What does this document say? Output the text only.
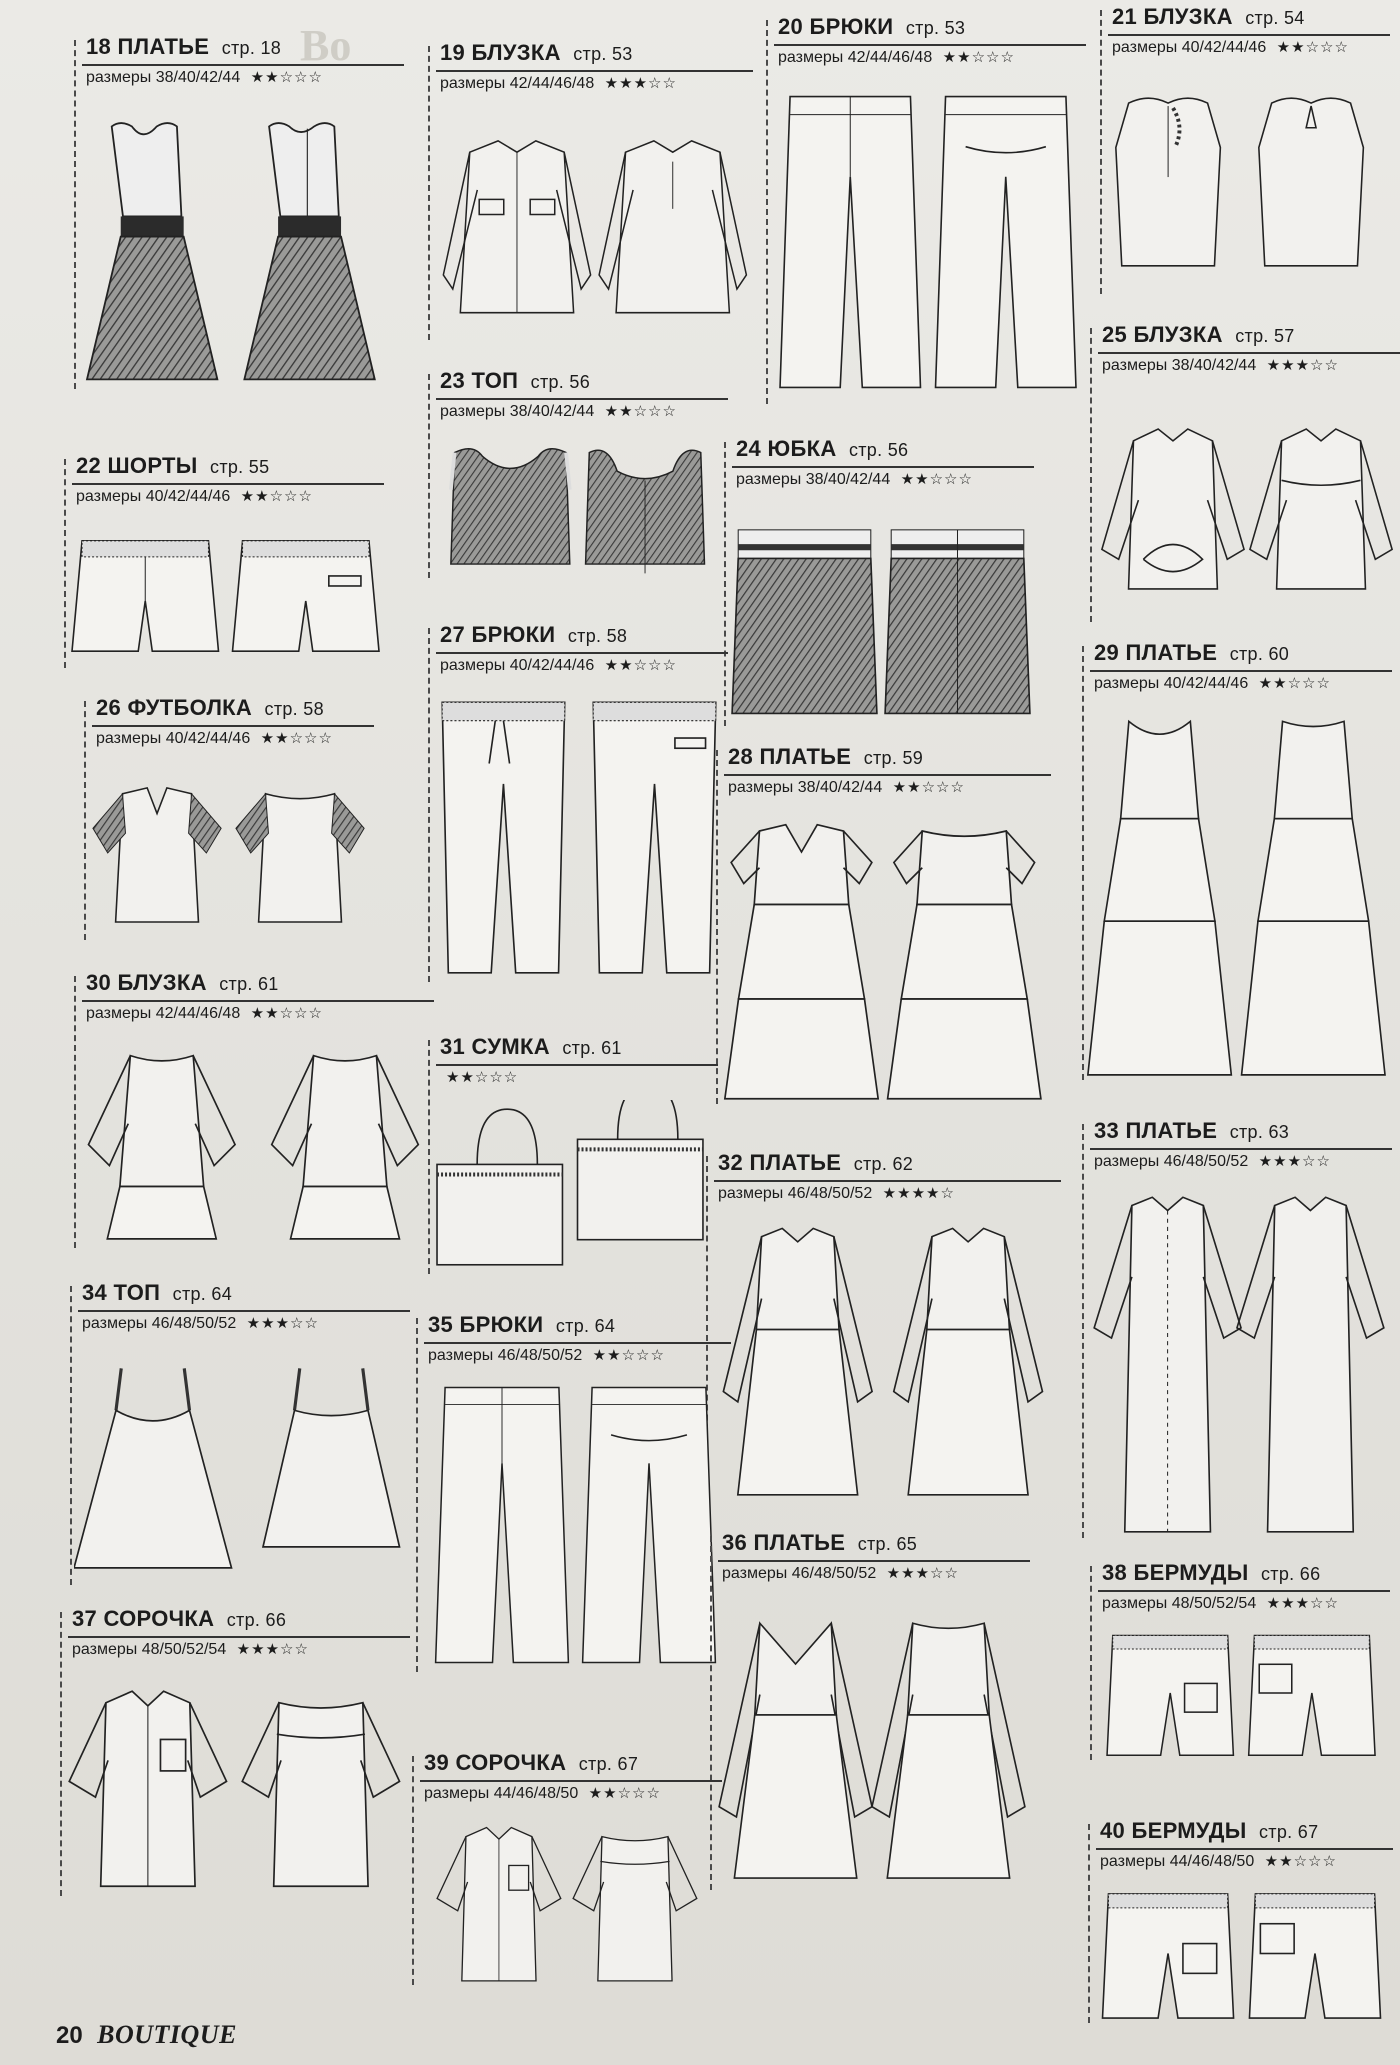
Во
18 ПЛАТЬЕ стр. 18
размеры 38/40/42/44 ★★☆☆☆
19 БЛУЗКА стр. 53
размеры 42/44/46/48 ★★★☆☆
20 БРЮКИ стр. 53
размеры 42/44/46/48 ★★☆☆☆
21 БЛУЗКА стр. 54
размеры 40/42/44/46 ★★☆☆☆
22 ШОРТЫ стр. 55
размеры 40/42/44/46 ★★☆☆☆
23 ТОП стр. 56
размеры 38/40/42/44 ★★☆☆☆
24 ЮБКА стр. 56
размеры 38/40/42/44 ★★☆☆☆
25 БЛУЗКА стр. 57
размеры 38/40/42/44 ★★★☆☆
26 ФУТБОЛКА стр. 58
размеры 40/42/44/46 ★★☆☆☆
27 БРЮКИ стр. 58
размеры 40/42/44/46 ★★☆☆☆
28 ПЛАТЬЕ стр. 59
размеры 38/40/42/44 ★★☆☆☆
29 ПЛАТЬЕ стр. 60
размеры 40/42/44/46 ★★☆☆☆
30 БЛУЗКА стр. 61
размеры 42/44/46/48 ★★☆☆☆
31 СУМКА стр. 61
★★☆☆☆
32 ПЛАТЬЕ стр. 62
размеры 46/48/50/52 ★★★★☆
33 ПЛАТЬЕ стр. 63
размеры 46/48/50/52 ★★★☆☆
34 ТОП стр. 64
размеры 46/48/50/52 ★★★☆☆	35 БРЮКИ стр. 64
размеры 46/48/50/52 ★★☆☆☆
36 ПЛАТЬЕ стр. 65
размеры 46/48/50/52 ★★★☆☆
37 СОРОЧКА стр. 66
размеры 48/50/52/54 ★★★☆☆
38 БЕРМУДЫ стр. 66
размеры 48/50/52/54 ★★★☆☆
39 СОРОЧКА стр. 67
размеры 44/46/48/50 ★★☆☆☆
40 БЕРМУДЫ стр. 67
размеры 44/46/48/50 ★★☆☆☆
20 BOUTIQUE
